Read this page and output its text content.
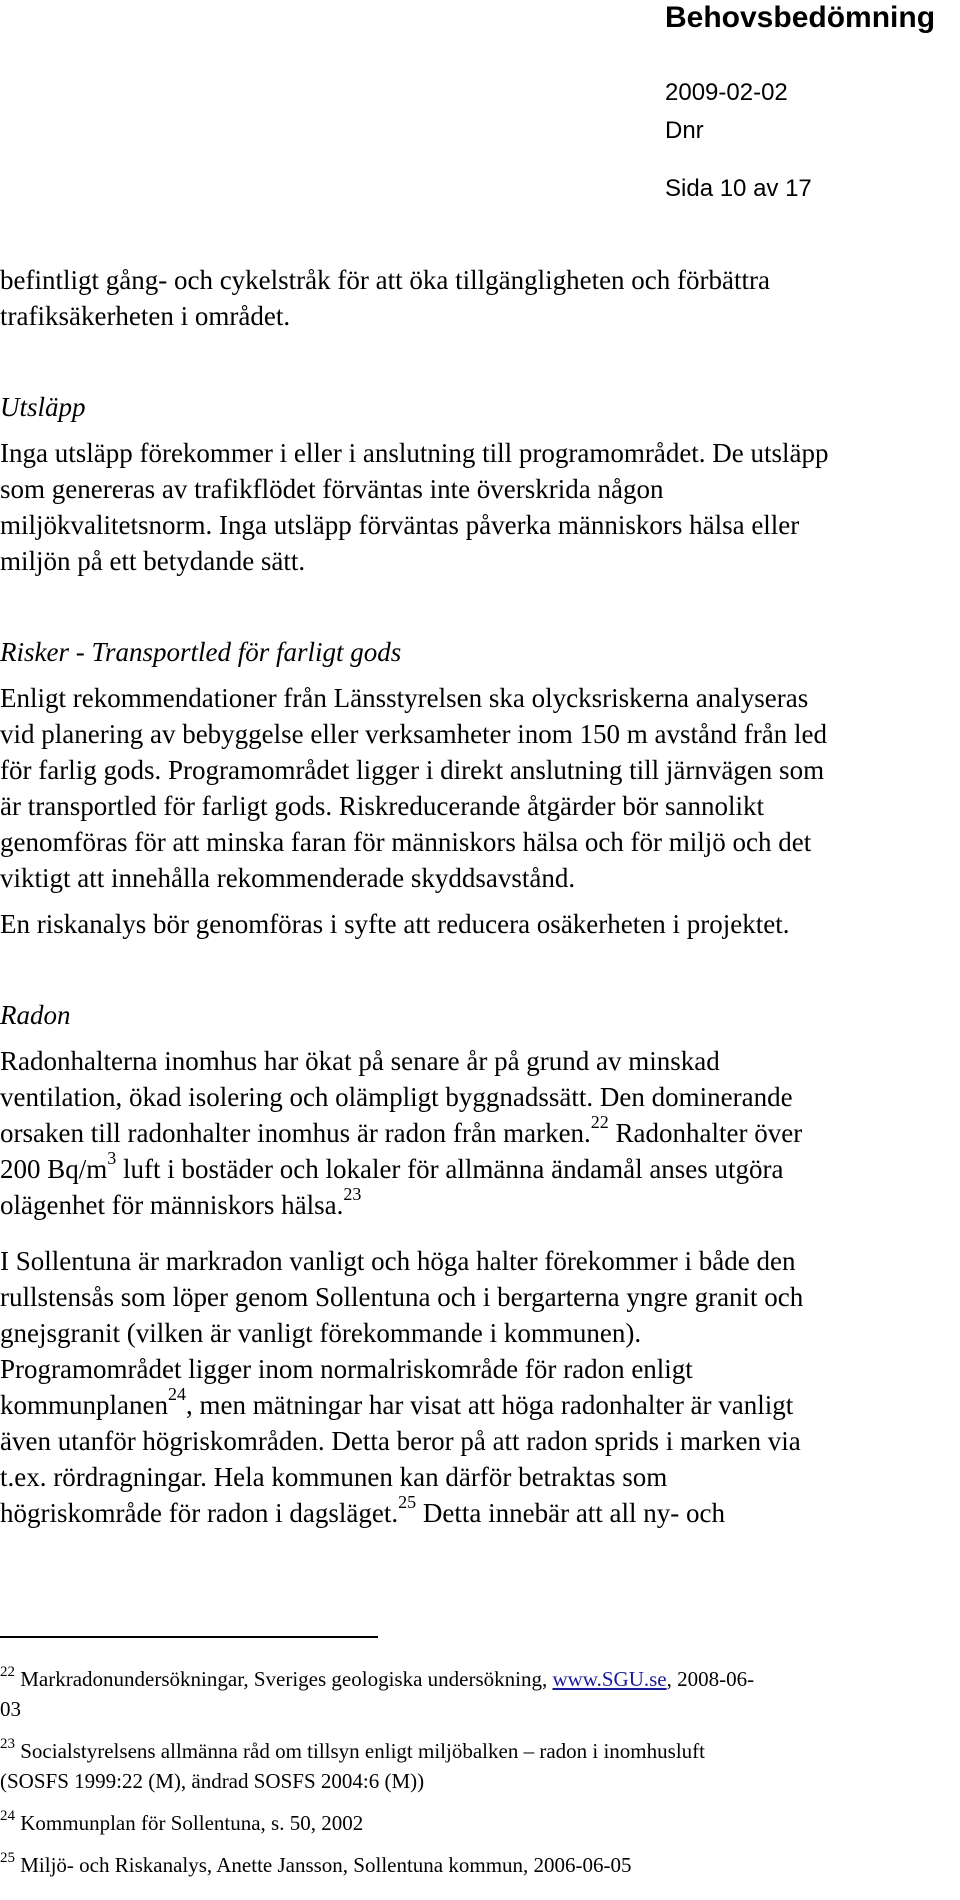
Behovsbedömning
2009-02-02
Dnr
Sida 10 av 17

befintligt gång- och cykelstråk för att öka tillgängligheten och förbättra
trafiksäkerheten i området.

Utsläpp

Inga utsläpp förekommer i eller i anslutning till programområdet. De utsläpp
som genereras av trafikflödet förväntas inte överskrida någon
miljökvalitetsnorm. Inga utsläpp förväntas påverka människors hälsa eller
miljön på ett betydande sätt.

Risker - Transportled för farligt gods

Enligt rekommendationer från Länsstyrelsen ska olycksriskerna analyseras
vid planering av bebyggelse eller verksamheter inom 150 m avstånd från led
för farlig gods. Programområdet ligger i direkt anslutning till järnvägen som
är transportled för farligt gods. Riskreducerande åtgärder bör sannolikt
genomföras för att minska faran för människors hälsa och för miljö och det
viktigt att innehålla rekommenderade skyddsavstånd.

En riskanalys bör genomföras i syfte att reducera osäkerheten i projektet.

Radon

Radonhalterna inomhus har ökat på senare år på grund av minskad
ventilation, ökad isolering och olämpligt byggnadssätt. Den dominerande
orsaken till radonhalter inomhus är radon från marken.$^{22}$ Radonhalter över
200 $Bq/m^3$ luft i bostäder och lokaler för allmänna ändamål anses utgöra
olägenhet för människors hälsa.$^{23}$

I Sollentuna är markradon vanligt och höga halter förekommer i både den
rullstensås som löper genom Sollentuna och i bergarterna yngre granit och
gnejsgranit (vilken är vanligt förekommande i kommunen).
Programområdet ligger inom normalriskområde för radon enligt
kommunplanen$^{24}$, men mätningar har visat att höga radonhalter är vanligt
även utanför högriskområden. Detta beror på att radon sprids i marken via
t.ex. rördragningar. Hela kommunen kan därför betraktas som
högriskområde för radon i dagsläget.$^{25}$ Detta innebär att all ny- och

$^{22}$ Markradonundersökningar, Sveriges geologiska undersökning, www.SGU.se, 2008-06-
03

$^{23}$ Socialstyrelsens allmänna råd om tillsyn enligt miljöbalken – radon i inomhusluft
(SOSFS 1999:22 (M), ändrad SOSFS 2004:6 (M))

$^{24}$ Kommunplan för Sollentuna, s. 50, 2002

$^{25}$ Miljö- och Riskanalys, Anette Jansson, Sollentuna kommun, 2006-06-05
